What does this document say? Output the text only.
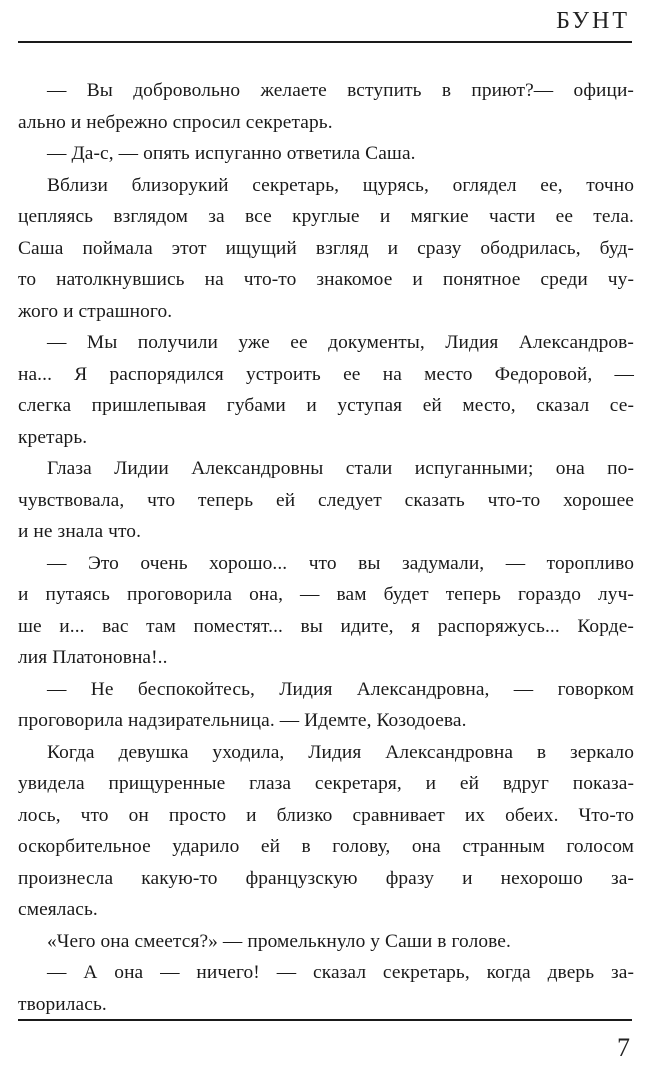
БУНТ
— Вы добровольно желаете вступить в приют?— офици-
ально и небрежно спросил секретарь.
— Да-с, — опять испуганно ответила Саша.
Вблизи близорукий секретарь, щурясь, оглядел ее, точно
цепляясь взглядом за все круглые и мягкие части ее тела.
Саша поймала этот ищущий взгляд и сразу ободрилась, буд-
то натолкнувшись на что-то знакомое и понятное среди чу-
жого и страшного.
— Мы получили уже ее документы, Лидия Александров-
на... Я распорядился устроить ее на место Федоровой, —
слегка пришлепывая губами и уступая ей место, сказал се-
кретарь.
Глаза Лидии Александровны стали испуганными; она по-
чувствовала, что теперь ей следует сказать что-то хорошее
и не знала что.
— Это очень хорошо... что вы задумали, — торопливо
и путаясь проговорила она, — вам будет теперь гораздо луч-
ше и... вас там поместят... вы идите, я распоряжусь... Корде-
лия Платоновна!..
— Не беспокойтесь, Лидия Александровна, — говорком
проговорила надзирательница. — Идемте, Козодоева.
Когда девушка уходила, Лидия Александровна в зеркало
увидела прищуренные глаза секретаря, и ей вдруг показа-
лось, что он просто и близко сравнивает их обеих. Что-то
оскорбительное ударило ей в голову, она странным голосом
произнесла какую-то французскую фразу и нехорошо за-
смеялась.
«Чего она смеется?» — промелькнуло у Саши в голове.
— А она — ничего! — сказал секретарь, когда дверь за-
творилась.
7
